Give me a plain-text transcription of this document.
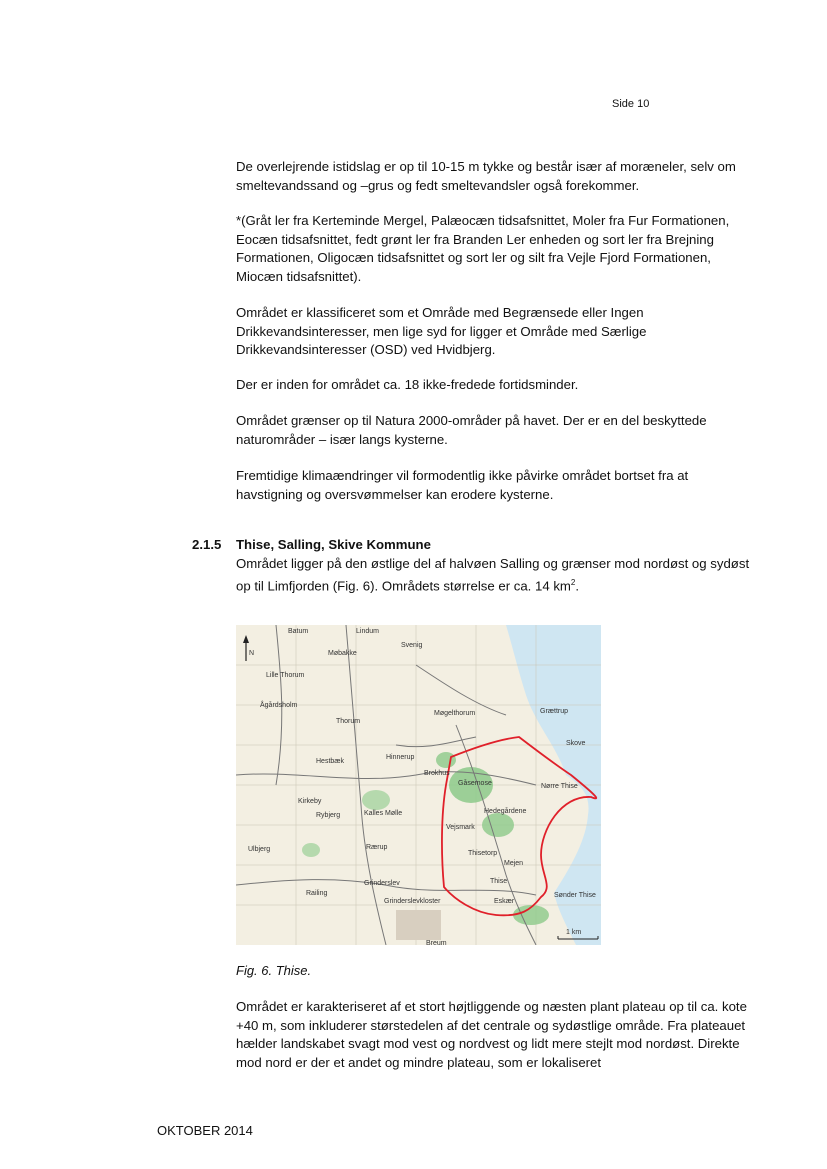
Side 10

De overlejrende istidslag er op til 10-15 m tykke og består især af moræneler, selv om smeltevandssand og –grus og fedt smeltevandsler også forekommer.

*(Gråt ler fra Kerteminde Mergel, Palæocæn tidsafsnittet, Moler fra Fur Formationen, Eocæn tidsafsnittet, fedt grønt ler fra Branden Ler enheden og sort ler fra Brejning Formationen, Oligocæn tidsafsnittet og sort ler og silt fra Vejle Fjord Formationen, Miocæn tidsafsnittet).

Området er klassificeret som et Område med Begrænsede eller Ingen Drikkevandsinteresser, men lige syd for ligger et Område med Særlige Drikkevandsinteresser (OSD) ved Hvidbjerg.

Der er inden for området ca. 18 ikke-fredede fortidsminder.

Området grænser op til Natura 2000-områder på havet. Der er en del beskyttede naturområder – især langs kysterne.

Fremtidige klimaændringer vil formodentlig ikke påvirke området bortset fra at havstigning og oversvømmelser kan erodere kysterne.

2.1.5 Thise, Salling, Skive Kommune

Området ligger på den østlige del af halvøen Salling og grænser mod nordøst og sydøst op til Limfjorden (Fig. 6). Områdets størrelse er ca. 14 $km^2$.

Batum	Lindum
Møbakke
Svenig
Lille Thorum
Ågårdsholm
Thorum
Møgelthorum	Grættrup
Hestbæk
Hinnerup
Brokhus
Gåsemose	Nørre Thise
Kirkeby
Rybjerg	Kalles Mølle	Hedegårdene
Vejsmark
Thisetorp
Mejen
Rærup
Ulbjerg
Thise
Eskær
Sønder Thise
Grinderslev
Grinderslevkloster
Railing
Breum
Skove
N
1 km
Fig. 6. Thise.

Området er karakteriseret af et stort højtliggende og næsten plant plateau op til ca. kote +40 m, som inkluderer størstedelen af det centrale og sydøstlige område. Fra plateauet hælder landskabet svagt mod vest og nordvest og lidt mere stejlt mod nordøst. Direkte mod nord er der et andet og mindre plateau, som er lokaliseret

OKTOBER 2014
